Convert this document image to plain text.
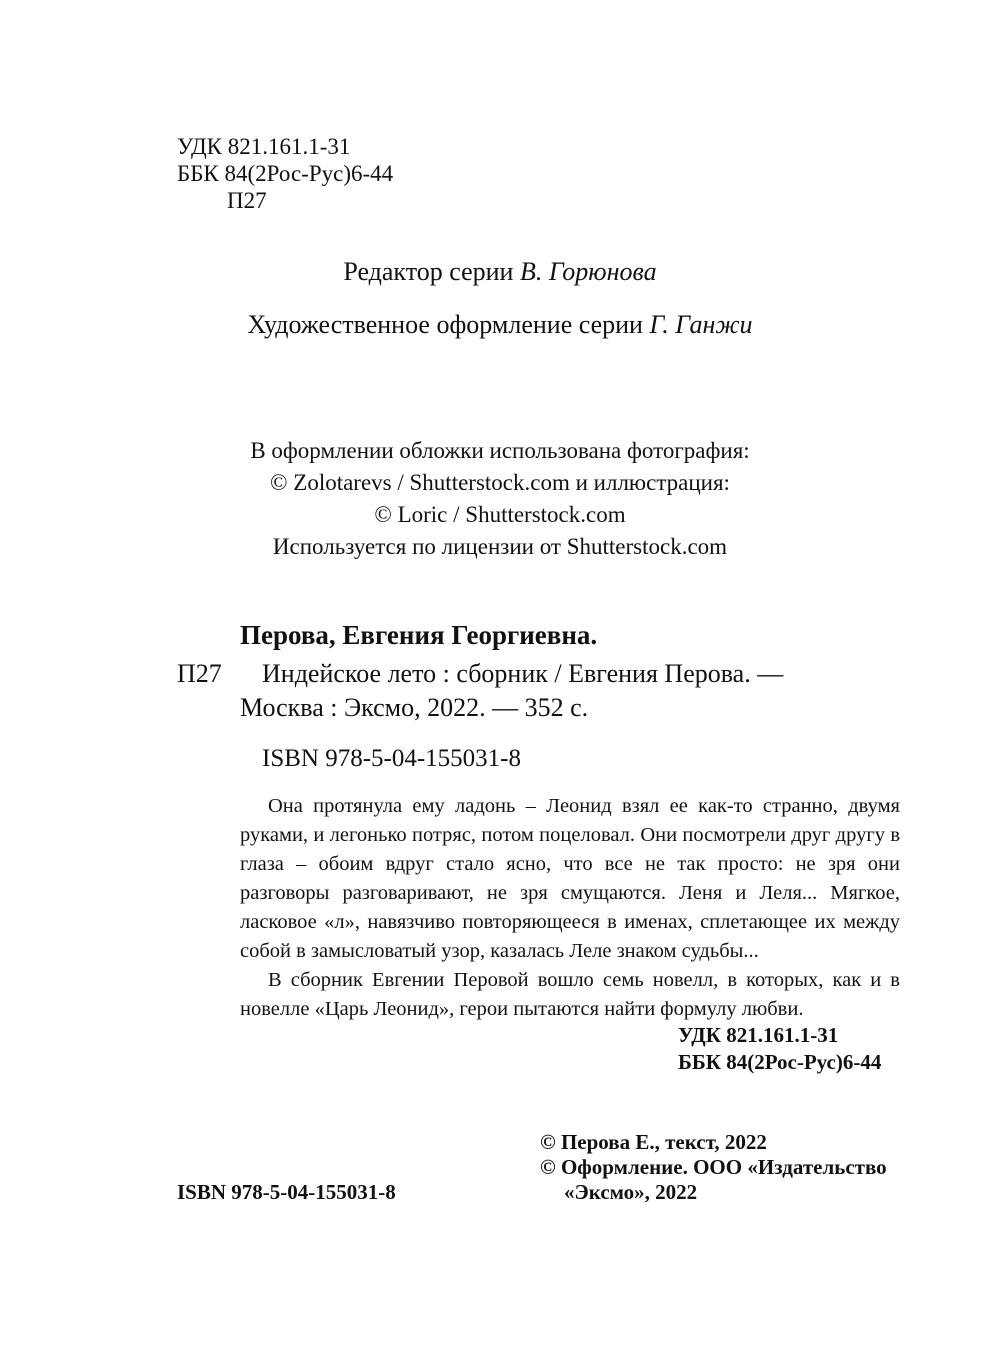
УДК 821.161.1-31
ББК 84(2Рос-Рус)6-44
П27
Редактор серии В. Горюнова
Художественное оформление серии Г. Ганжи
В оформлении обложки использована фотография:
© Zolotarevs / Shutterstock.com и иллюстрация:
© Loric / Shutterstock.com
Используется по лицензии от Shutterstock.com
Перова, Евгения Георгиевна.
П27 Индейское лето : сборник / Евгения Перова. —
Москва : Эксмо, 2022. — 352 с.
ISBN 978-5-04-155031-8

Она протянула ему ладонь – Леонид взял ее как-то странно, двумя руками, и легонько потряс, потом поцеловал. Они посмотрели друг другу в глаза – обоим вдруг стало ясно, что все не так просто: не зря они разговоры разговаривают, не зря смущаются. Леня и Леля... Мягкое, ласковое «л», навязчиво повторяющееся в именах, сплетающее их между собой в замысловатый узор, казалась Леле знаком судьбы...

В сборник Евгении Перовой вошло семь новелл, в которых, как и в новелле «Царь Леонид», герои пытаются найти формулу любви.

УДК 821.161.1-31
ББК 84(2Рос-Рус)6-44
© Перова Е., текст, 2022
© Оформление. ООО «Издательство
«Эксмо», 2022
ISBN 978-5-04-155031-8
